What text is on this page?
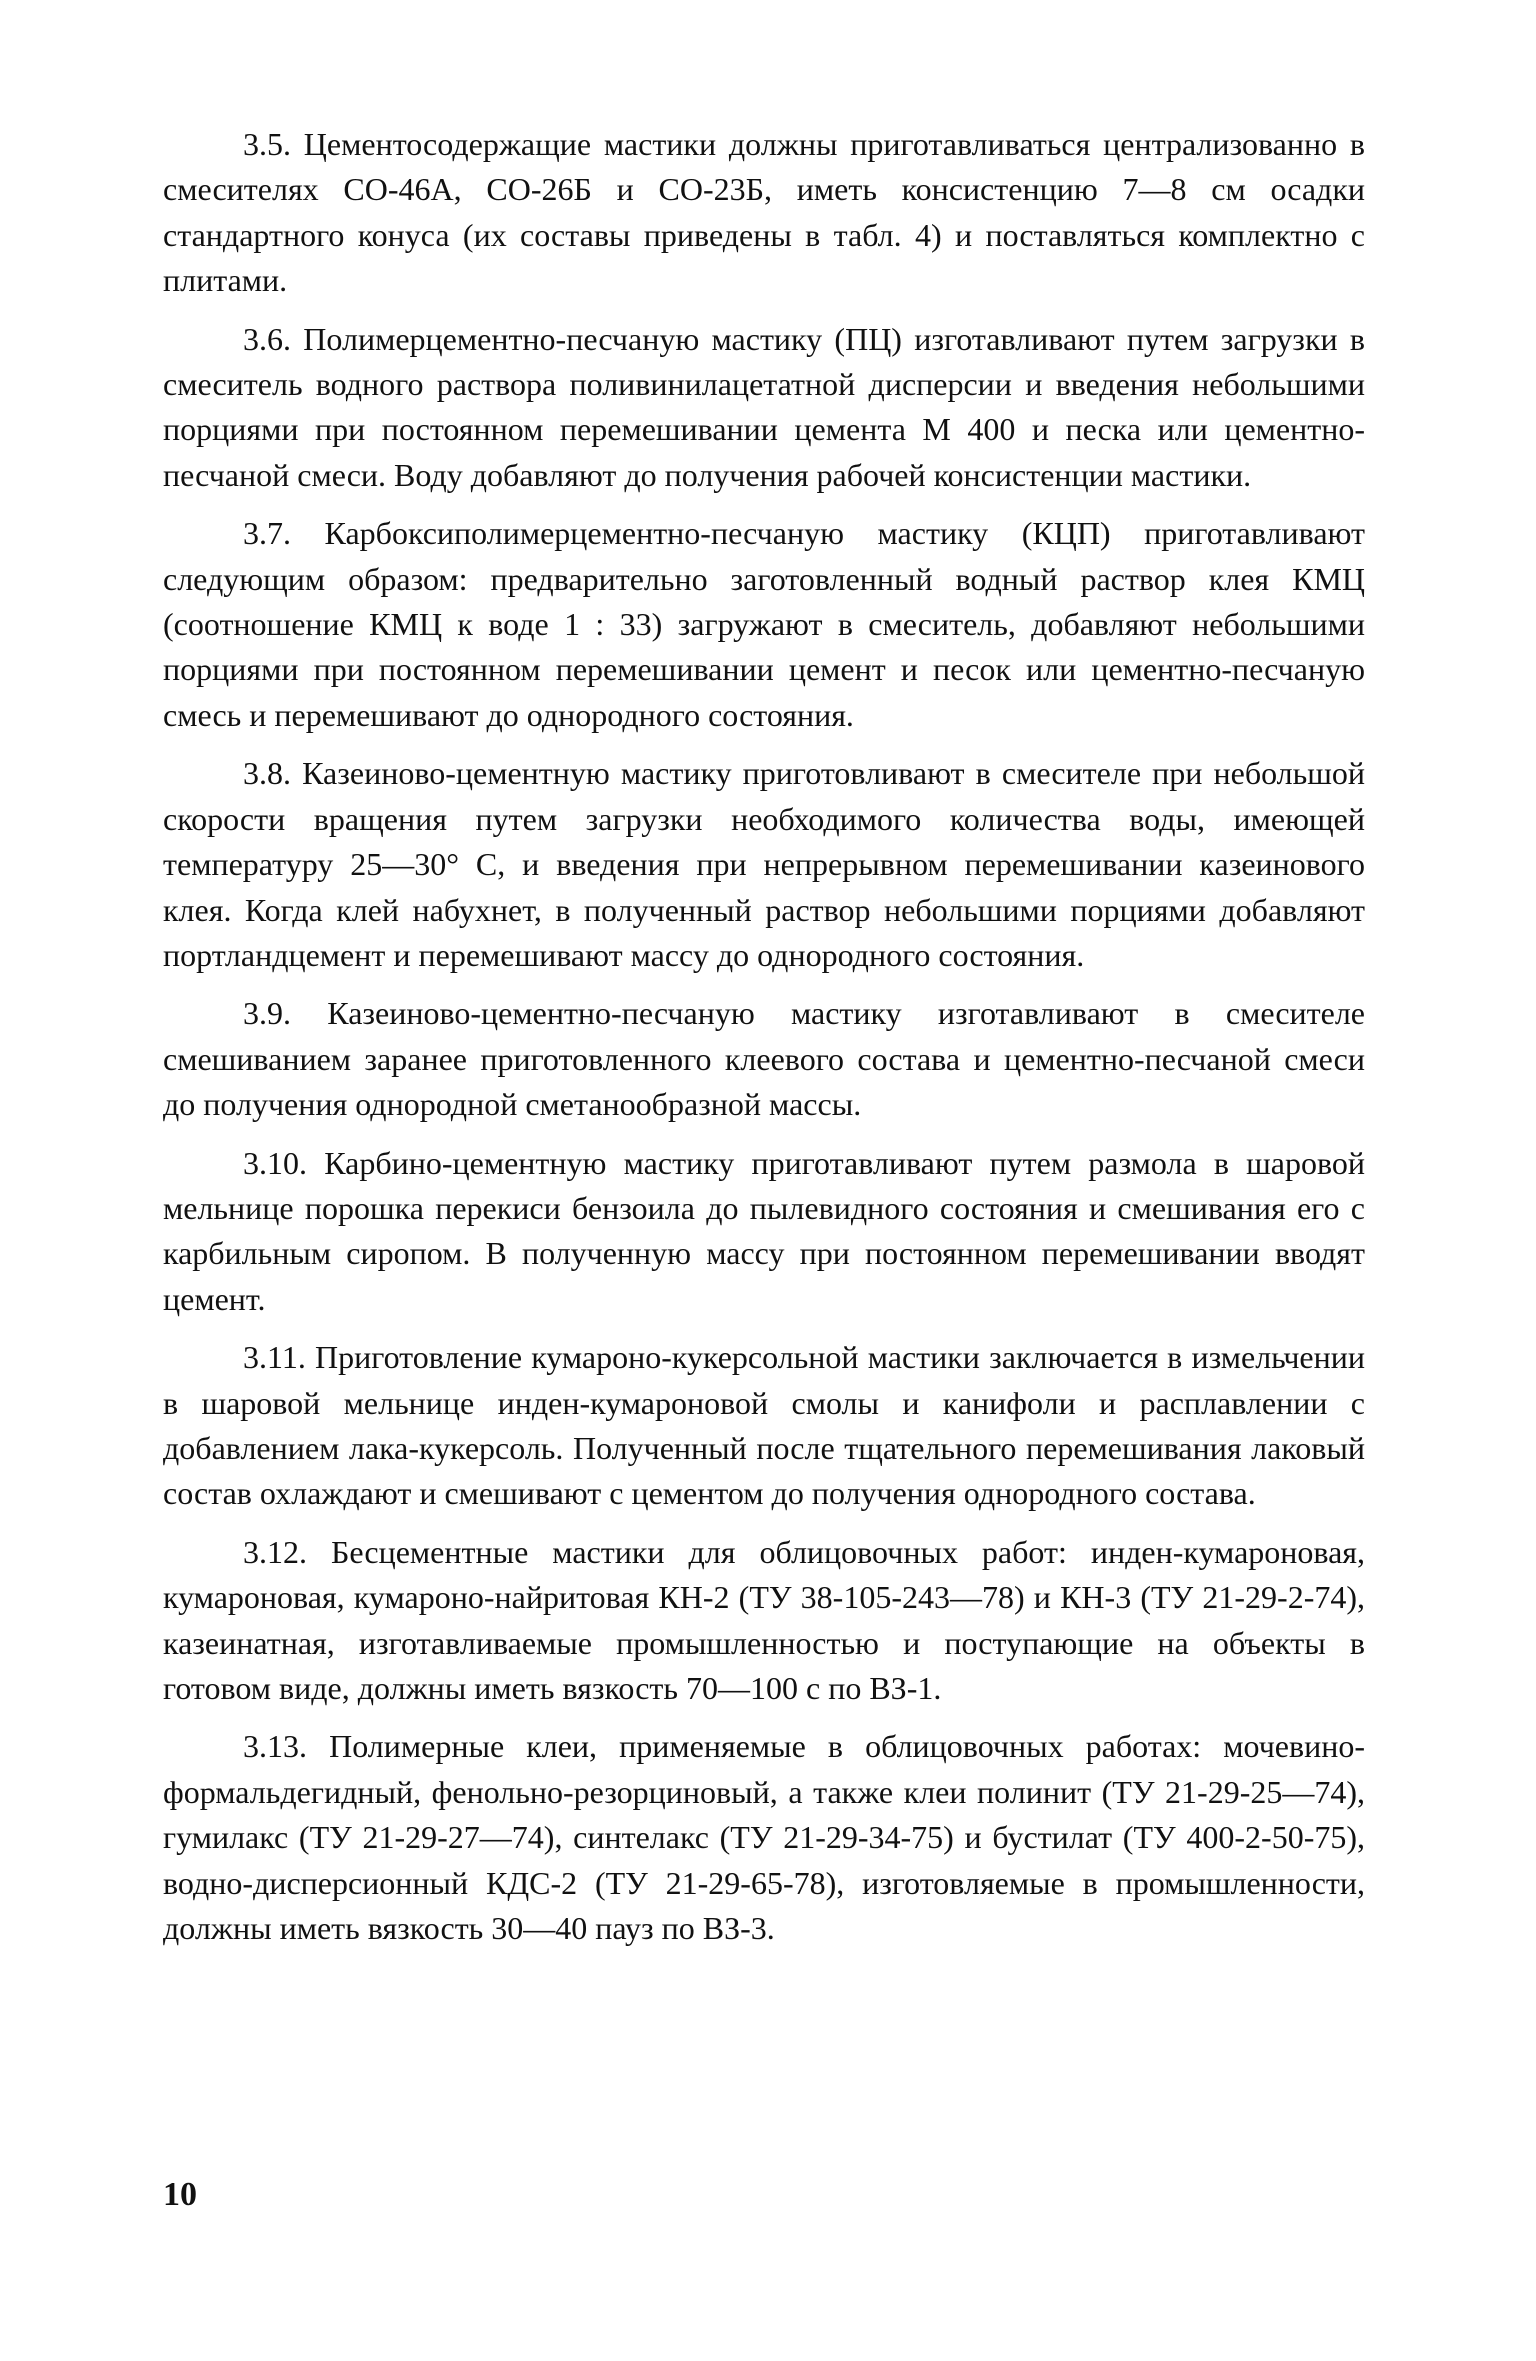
3.5. Цементосодержащие мастики должны приготавливаться централизованно в смесителях СО-46А, СО-26Б и СО-23Б, иметь консистенцию 7—8 см осадки стандартного конуса (их составы приведены в табл. 4) и поставляться комплектно с плитами.

3.6. Полимерцементно-песчаную мастику (ПЦ) изготавливают путем загрузки в смеситель водного раствора поливинилацетатной дисперсии и введения небольшими порциями при постоянном перемешивании цемента М 400 и песка или цементно-песчаной смеси. Воду добавляют до получения рабочей консистенции мастики.

3.7. Карбоксиполимерцементно-песчаную мастику (КЦП) приготавливают следующим образом: предварительно заготовленный водный раствор клея КМЦ (соотношение КМЦ к воде 1 : 33) загружают в смеситель, добавляют небольшими порциями при постоянном перемешивании цемент и песок или цементно-песчаную смесь и перемешивают до однородного состояния.

3.8. Казеиново-цементную мастику приготовливают в смесителе при небольшой скорости вращения путем загрузки необходимого количества воды, имеющей температуру 25—30° С, и введения при непрерывном перемешивании казеинового клея. Когда клей набухнет, в полученный раствор небольшими порциями добавляют портландцемент и перемешивают массу до однородного состояния.

3.9. Казеиново-цементно-песчаную мастику изготавливают в смесителе смешиванием заранее приготовленного клеевого состава и цементно-песчаной смеси до получения однородной сметанообразной массы.

3.10. Карбино-цементную мастику приготавливают путем размола в шаровой мельнице порошка перекиси бензоила до пылевидного состояния и смешивания его с карбильным сиропом. В полученную массу при постоянном перемешивании вводят цемент.

3.11. Приготовление кумароно-кукерсольной мастики заключается в измельчении в шаровой мельнице инден-кумароновой смолы и канифоли и расплавлении с добавлением лака-кукерсоль. Полученный после тщательного перемешивания лаковый состав охлаждают и смешивают с цементом до получения однородного состава.

3.12. Бесцементные мастики для облицовочных работ: инден-кумароновая, кумароновая, кумароно-найритовая КН-2 (ТУ 38-105-243—78) и КН-3 (ТУ 21-29-2-74), казеинатная, изготавливаемые промышленностью и поступающие на объекты в готовом виде, должны иметь вязкость 70—100 с по ВЗ-1.

3.13. Полимерные клеи, применяемые в облицовочных работах: мочевино-формальдегидный, фенольно-резорциновый, а также клеи полинит (ТУ 21-29-25—74), гумилакс (ТУ 21-29-27—74), синтелакс (ТУ 21-29-34-75) и бустилат (ТУ 400-2-50-75), водно-дисперсионный КДС-2 (ТУ 21-29-65-78), изготовляемые в промышленности, должны иметь вязкость 30—40 пауз по ВЗ-3.

10
